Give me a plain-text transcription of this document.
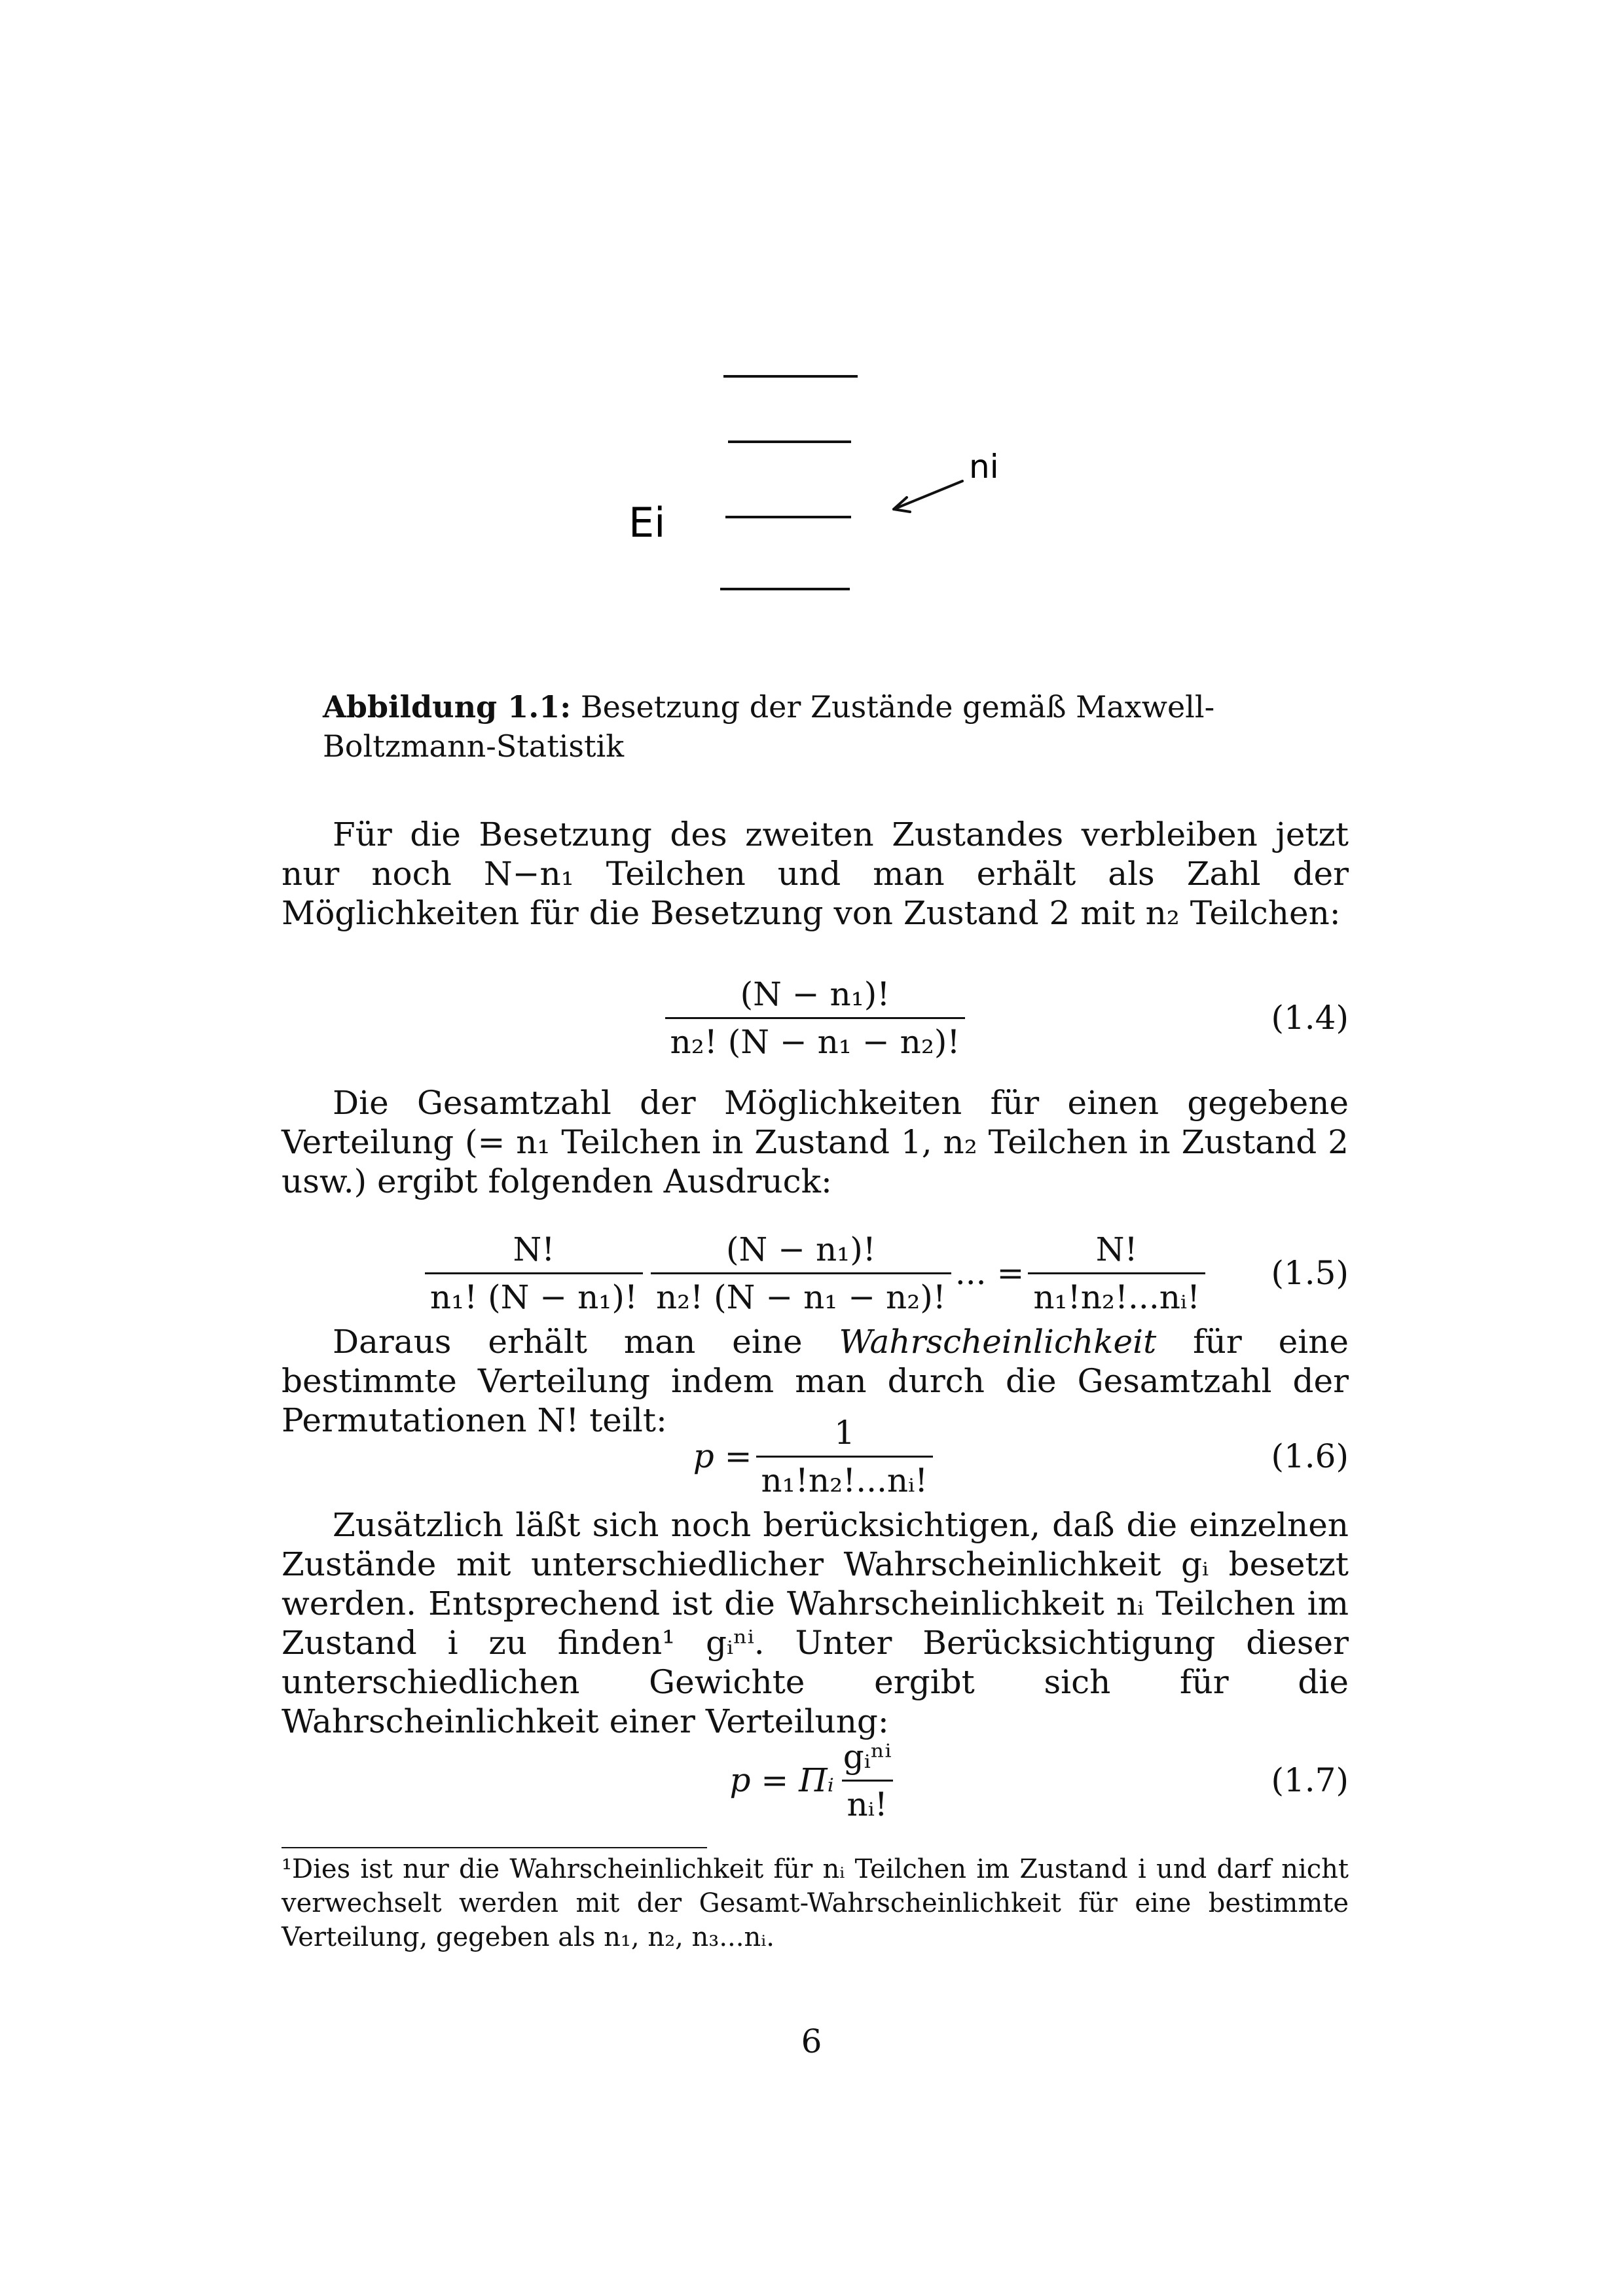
Ei
ni
Abbildung 1.1: Besetzung der Zustände gemäß Maxwell-Boltzmann-Statistik

Für die Besetzung des zweiten Zustandes verbleiben jetzt nur noch N−n₁ Teilchen und man erhält als Zahl der Möglichkeiten für die Besetzung von Zustand 2 mit n₂ Teilchen:

$\frac{\text{(N − n₁)!}}{\text{n₂! (N − n₁ − n₂)!}}$	(1.4)

Die Gesamtzahl der Möglichkeiten für einen gegebene Verteilung (= n₁ Teilchen in Zustand 1, n₂ Teilchen in Zustand 2 usw.) ergibt folgenden Ausdruck:

$\frac{N!}{\text{n₁! (N − n₁)!}} \frac{\text{(N − n₁)!}}{\text{n₂! (N − n₁ − n₂)!}}$ ... = $\frac{N!}{\text{n₁!n₂!...nᵢ!}} (1.5)$

Daraus erhält man eine Wahrscheinlichkeit für eine bestimmte Verteilung indem man durch die Gesamtzahl der Permutationen N! teilt:

$p = \frac{1}{\text{n₁!n₂!...nᵢ!}}$	(1.6)

Zusätzlich läßt sich noch berücksichtigen, daß die einzelnen Zustände mit unterschiedlicher Wahrscheinlichkeit gᵢ besetzt werden. Entsprechend ist die Wahrscheinlichkeit nᵢ Teilchen im Zustand i zu finden¹ gᵢⁿⁱ. Unter Berücksichtigung dieser unterschiedlichen Gewichte ergibt sich für die Wahrscheinlichkeit einer Verteilung:

p = Πᵢ $\frac{\text{gᵢⁿⁱ}}{\text{nᵢ!}}$	(1.7)
¹Dies ist nur die Wahrscheinlichkeit für nᵢ Teilchen im Zustand i und darf nicht verwechselt werden mit der Gesamt-Wahrscheinlichkeit für eine bestimmte Verteilung, gegeben als n₁, n₂, n₃...nᵢ.
6
